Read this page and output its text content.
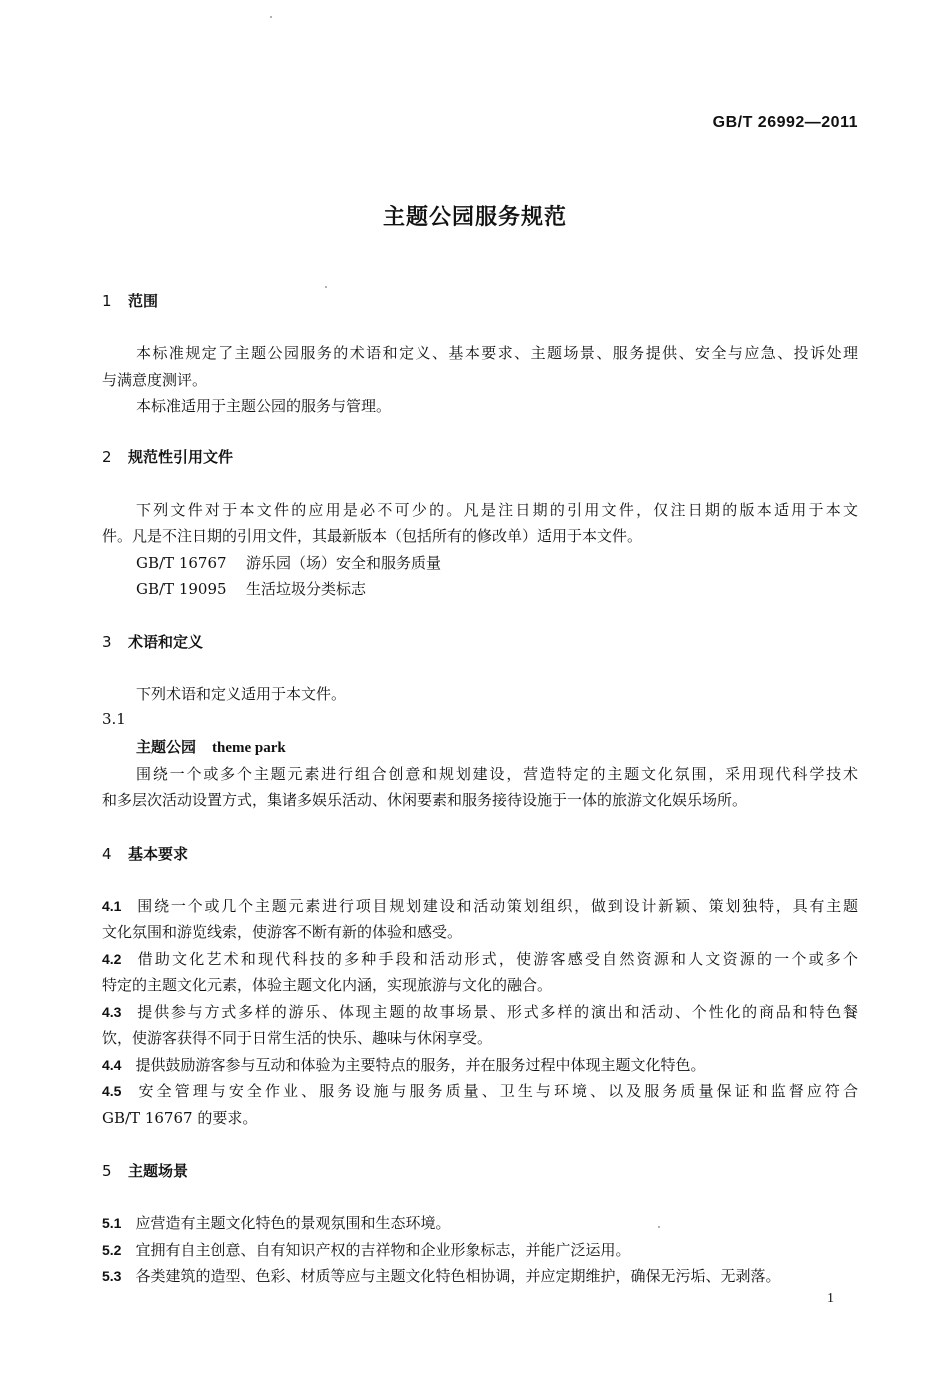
GB/T 26992—2011
主题公园服务规范
1 范围
本标准规定了主题公园服务的术语和定义、基本要求、主题场景、服务提供、安全与应急、投诉处理
与满意度测评。
本标准适用于主题公园的服务与管理。
2 规范性引用文件
下列文件对于本文件的应用是必不可少的。凡是注日期的引用文件，仅注日期的版本适用于本文
件。凡是不注日期的引用文件，其最新版本（包括所有的修改单）适用于本文件。
GB/T 16767 游乐园（场）安全和服务质量
GB/T 19095 生活垃圾分类标志
3 术语和定义
下列术语和定义适用于本文件。
3.1
主题公园 theme park
围绕一个或多个主题元素进行组合创意和规划建设，营造特定的主题文化氛围，采用现代科学技术
和多层次活动设置方式，集诸多娱乐活动、休闲要素和服务接待设施于一体的旅游文化娱乐场所。
4 基本要求
4.1 围绕一个或几个主题元素进行项目规划建设和活动策划组织，做到设计新颖、策划独特，具有主题
文化氛围和游览线索，使游客不断有新的体验和感受。
4.2 借助文化艺术和现代科技的多种手段和活动形式，使游客感受自然资源和人文资源的一个或多个
特定的主题文化元素，体验主题文化内涵，实现旅游与文化的融合。
4.3 提供参与方式多样的游乐、体现主题的故事场景、形式多样的演出和活动、个性化的商品和特色餐
饮，使游客获得不同于日常生活的快乐、趣味与休闲享受。
4.4 提供鼓励游客参与互动和体验为主要特点的服务，并在服务过程中体现主题文化特色。
4.5 安全管理与安全作业、服务设施与服务质量、卫生与环境、以及服务质量保证和监督应符合
GB/T 16767 的要求。
5 主题场景
5.1 应营造有主题文化特色的景观氛围和生态环境。
5.2 宜拥有自主创意、自有知识产权的吉祥物和企业形象标志，并能广泛运用。
5.3 各类建筑的造型、色彩、材质等应与主题文化特色相协调，并应定期维护，确保无污垢、无剥落。
1
